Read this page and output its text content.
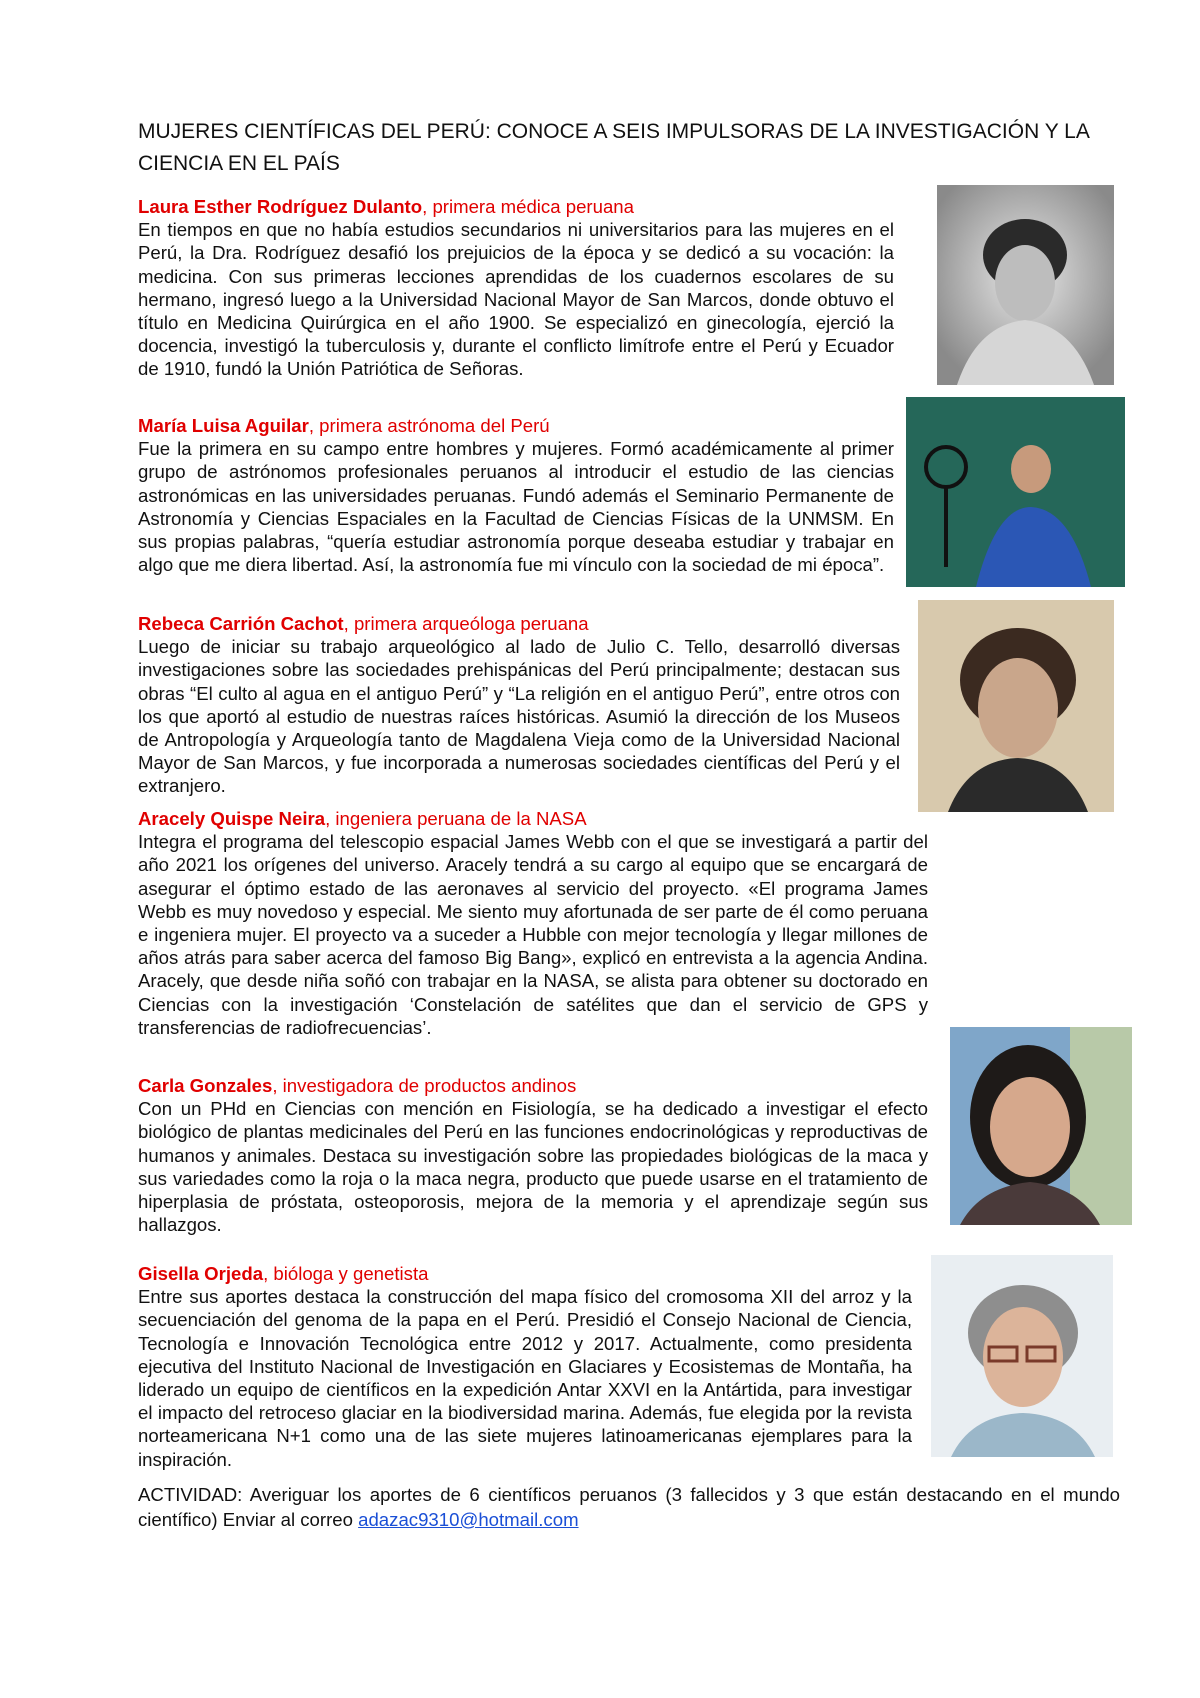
MUJERES CIENTÍFICAS DEL PERÚ: CONOCE A SEIS IMPULSORAS DE LA INVESTIGACIÓN Y LA CIENCIA EN EL PAÍS
Laura Esther Rodríguez Dulanto, primera médica peruana

En tiempos en que no había estudios secundarios ni universitarios para las mujeres en el Perú, la Dra. Rodríguez desafió los prejuicios de la época y se dedicó a su vocación: la medicina. Con sus primeras lecciones aprendidas de los cuadernos escolares de su hermano, ingresó luego a la Universidad Nacional Mayor de San Marcos, donde obtuvo el título en Medicina Quirúrgica en el año 1900. Se especializó en ginecología, ejerció la docencia, investigó la tuberculosis y, durante el conflicto limítrofe entre el Perú y Ecuador de 1910, fundó la Unión Patriótica de Señoras.

María Luisa Aguilar, primera astrónoma del Perú

Fue la primera en su campo entre hombres y mujeres. Formó académicamente al primer grupo de astrónomos profesionales peruanos al introducir el estudio de las ciencias astronómicas en las universidades peruanas. Fundó además el Seminario Permanente de Astronomía y Ciencias Espaciales en la Facultad de Ciencias Físicas de la UNMSM. En sus propias palabras, “quería estudiar astronomía porque deseaba estudiar y trabajar en algo que me diera libertad. Así, la astronomía fue mi vínculo con la sociedad de mi época”.

Rebeca Carrión Cachot, primera arqueóloga peruana

Luego de iniciar su trabajo arqueológico al lado de Julio C. Tello, desarrolló diversas investigaciones sobre las sociedades prehispánicas del Perú principalmente; destacan sus obras “El culto al agua en el antiguo Perú” y “La religión en el antiguo Perú”, entre otros con los que aportó al estudio de nuestras raíces históricas. Asumió la dirección de los Museos de Antropología y Arqueología tanto de Magdalena Vieja como de la Universidad Nacional Mayor de San Marcos, y fue incorporada a numerosas sociedades científicas del Perú y el extranjero.

Aracely Quispe Neira, ingeniera peruana de la NASA

Integra el programa del telescopio espacial James Webb con el que se investigará a partir del año 2021 los orígenes del universo. Aracely tendrá a su cargo al equipo que se encargará de asegurar el óptimo estado de las aeronaves al servicio del proyecto. «El programa James Webb es muy novedoso y especial. Me siento muy afortunada de ser parte de él como peruana e ingeniera mujer. El proyecto va a suceder a Hubble con mejor tecnología y llegar millones de años atrás para saber acerca del famoso Big Bang», explicó en entrevista a la agencia Andina. Aracely, que desde niña soñó con trabajar en la NASA, se alista para obtener su doctorado en Ciencias con la investigación ‘Constelación de satélites que dan el servicio de GPS y transferencias de radiofrecuencias’.

Carla Gonzales, investigadora de productos andinos

Con un PHd en Ciencias con mención en Fisiología, se ha dedicado a investigar el efecto biológico de plantas medicinales del Perú en las funciones endocrinológicas y reproductivas de humanos y animales. Destaca su investigación sobre las propiedades biológicas de la maca y sus variedades como la roja o la maca negra, producto que puede usarse en el tratamiento de hiperplasia de próstata, osteoporosis, mejora de la memoria y el aprendizaje según sus hallazgos.

Gisella Orjeda, bióloga y genetista

Entre sus aportes destaca la construcción del mapa físico del cromosoma XII del arroz y la secuenciación del genoma de la papa en el Perú. Presidió el Consejo Nacional de Ciencia, Tecnología e Innovación Tecnológica entre 2012 y 2017. Actualmente, como presidenta ejecutiva del Instituto Nacional de Investigación en Glaciares y Ecosistemas de Montaña, ha liderado un equipo de científicos en la expedición Antar XXVI en la Antártida, para investigar el impacto del retroceso glaciar en la biodiversidad marina. Además, fue elegida por la revista norteamericana N+1 como una de las siete mujeres latinoamericanas ejemplares para la inspiración.

ACTIVIDAD: Averiguar los aportes de 6 científicos peruanos (3 fallecidos y 3 que están destacando en el mundo científico) Enviar al correo adazac9310@hotmail.com
